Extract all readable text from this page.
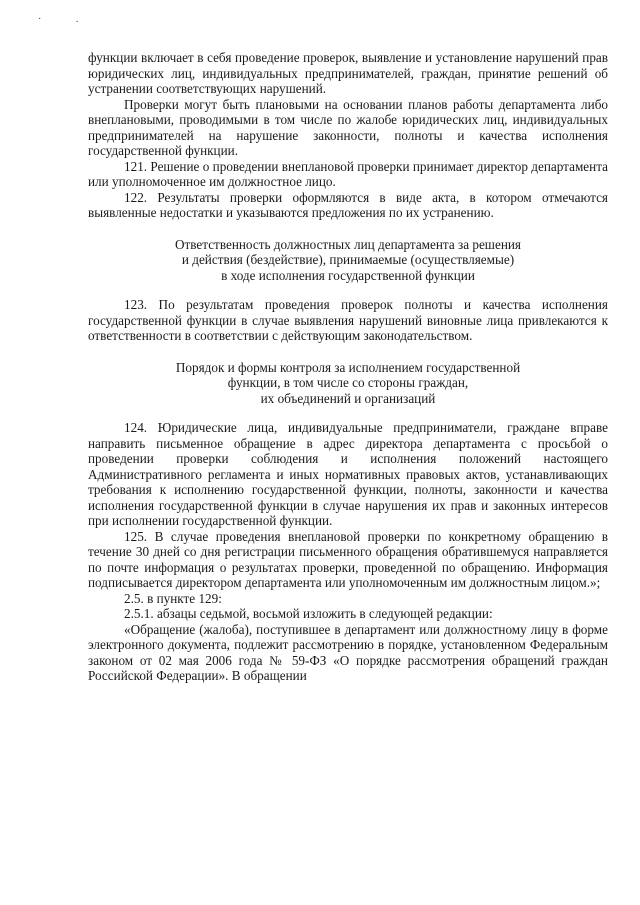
· .

функции включает в себя проведение проверок, выявление и установление нарушений прав юридических лиц, индивидуальных предпринимателей, граждан, принятие решений об устранении соответствующих нарушений.

Проверки могут быть плановыми на основании планов работы департамента либо внеплановыми, проводимыми в том числе по жалобе юридических лиц, индивидуальных предпринимателей на нарушение законности, полноты и качества исполнения государственной функции.

121. Решение о проведении внеплановой проверки принимает директор департамента или уполномоченное им должностное лицо.

122. Результаты проверки оформляются в виде акта, в котором отмечаются выявленные недостатки и указываются предложения по их устранению.

Ответственность должностных лиц департамента за решения

и действия (бездействие), принимаемые (осуществляемые)

в ходе исполнения государственной функции

123. По результатам проведения проверок полноты и качества исполнения государственной функции в случае выявления нарушений виновные лица привлекаются к ответственности в соответствии с действующим законодательством.

Порядок и формы контроля за исполнением государственной

функции, в том числе со стороны граждан,

их объединений и организаций

124. Юридические лица, индивидуальные предприниматели, граждане вправе направить письменное обращение в адрес директора департамента с просьбой о проведении проверки соблюдения и исполнения положений настоящего Административного регламента и иных нормативных правовых актов, устанавливающих требования к исполнению государственной функции, полноты, законности и качества исполнения государственной функции в случае нарушения их прав и законных интересов при исполнении государственной функции.

125. В случае проведения внеплановой проверки по конкретному обращению в течение 30 дней со дня регистрации письменного обращения обратившемуся направляется по почте информация о результатах проверки, проведенной по обращению. Информация подписывается директором департамента или уполномоченным им должностным лицом.»;

2.5. в пункте 129:

2.5.1. абзацы седьмой, восьмой изложить в следующей редакции:

«Обращение (жалоба), поступившее в департамент или должностному лицу в форме электронного документа, подлежит рассмотрению в порядке, установленном Федеральным законом от 02 мая 2006 года № 59-ФЗ «О порядке рассмотрения обращений граждан Российской Федерации». В обращении
